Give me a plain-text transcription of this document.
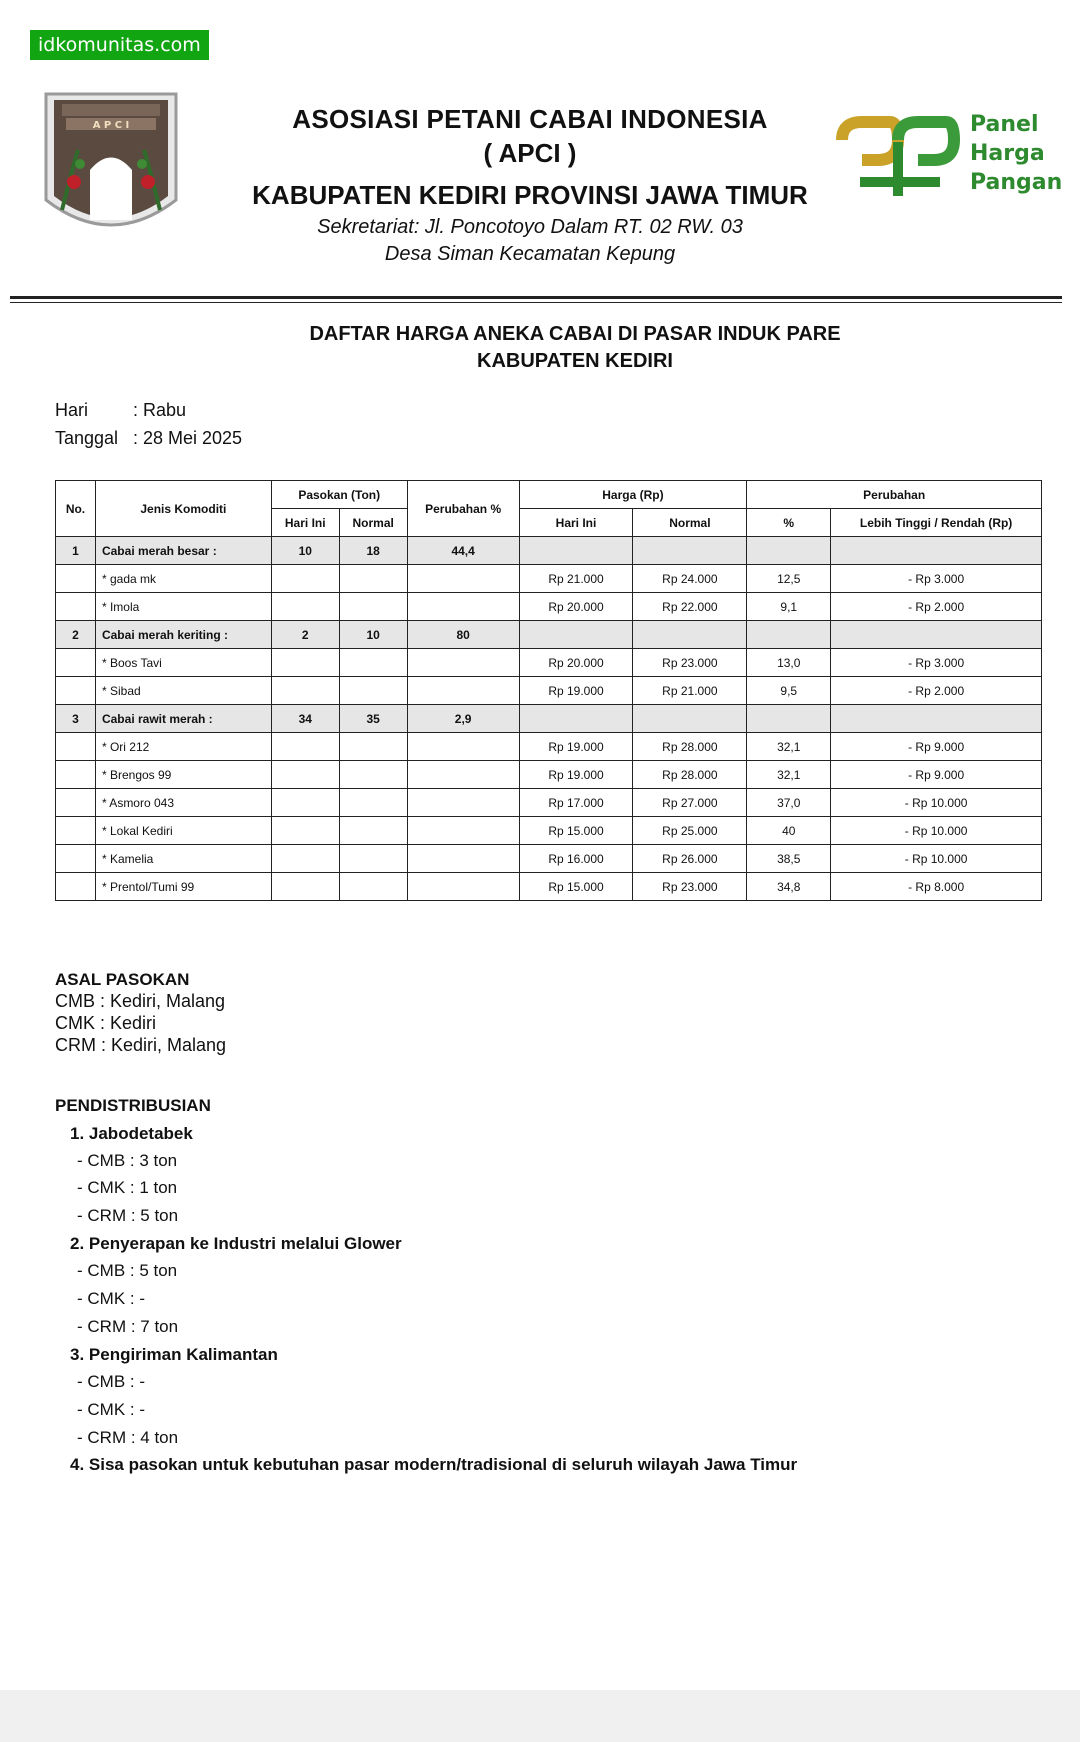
idkomunitas.com
A P C I	Panel
Harga
Pangan
ASOSIASI PETANI CABAI INDONESIA
( APCI )
KABUPATEN KEDIRI PROVINSI JAWA TIMUR
Sekretariat: Jl. Poncotoyo Dalam RT. 02 RW. 03
Desa Siman Kecamatan Kepung
DAFTAR HARGA ANEKA CABAI DI PASAR INDUK PARE
KABUPATEN KEDIRI
Hari : Rabu
Tanggal : 28 Mei 2025
No.	Jenis Komoditi	Pasokan (Ton)		Perubahan %	Harga (Rp)		Perubahan	
		Hari Ini	Normal		Hari Ini	Normal	%	Lebih Tinggi / Rendah (Rp)
1	Cabai merah besar :	10	18	44,4				
	* gada mk				Rp 21.000	Rp 24.000	12,5	- Rp 3.000
	* Imola				Rp 20.000	Rp 22.000	9,1	- Rp 2.000
2	Cabai merah keriting :	2	10	80				
	* Boos Tavi				Rp 20.000	Rp 23.000	13,0	- Rp 3.000
	* Sibad				Rp 19.000	Rp 21.000	9,5	- Rp 2.000
3	Cabai rawit merah :	34	35	2,9				
	* Ori 212				Rp 19.000	Rp 28.000	32,1	- Rp 9.000
	* Brengos 99				Rp 19.000	Rp 28.000	32,1	- Rp 9.000
	* Asmoro 043				Rp 17.000	Rp 27.000	37,0	- Rp 10.000
	* Lokal Kediri				Rp 15.000	Rp 25.000	40	- Rp 10.000
	* Kamelia				Rp 16.000	Rp 26.000	38,5	- Rp 10.000
	* Prentol/Tumi 99				Rp 15.000	Rp 23.000	34,8	- Rp 8.000
ASAL PASOKAN
CMB : Kediri, Malang
CMK : Kediri
CRM : Kediri, Malang
PENDISTRIBUSIAN
1. Jabodetabek
- CMB : 3 ton
- CMK : 1 ton
- CRM : 5 ton
2. Penyerapan ke Industri melalui Glower
- CMB : 5 ton
- CMK : -
- CRM : 7 ton
3. Pengiriman Kalimantan
- CMB : -
- CMK : -
- CRM : 4 ton
4. Sisa pasokan untuk kebutuhan pasar modern/tradisional di seluruh wilayah Jawa Timur
